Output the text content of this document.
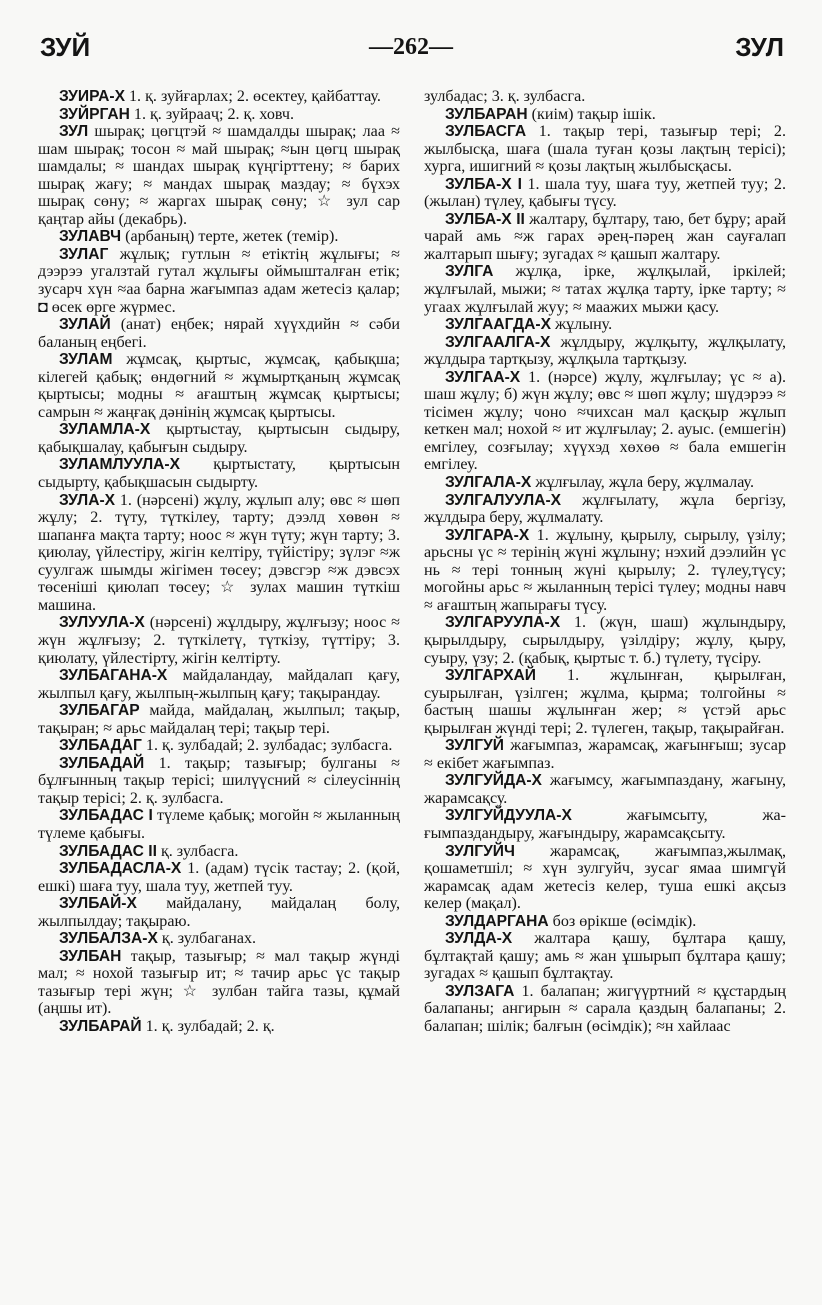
ЗУЙ	—262—	ЗУЛ

ЗУИРА-Х 1. қ. зуйғарлах; 2. өсектеу, қайбаттау.

ЗУЙРГАН 1. қ. зуйрааҷ; 2. қ. ховч.

ЗУЛ шырақ; цөгцтэй ≈ шамдалды шырақ; лаа ≈ шам шырақ; тосон ≈ май шырақ; ≈ын цөгц шырақ шамдалы; ≈ шандах шырақ күңгірттену; ≈ барих шырақ жағу; ≈ мандах шырақ маздау; ≈ бүхэх шырақ сөну; ≈ жаргах шырақ сөну; ☆ зул сар қаңтар айы (декабрь).

ЗУЛАВЧ (арбаның) терте, жетек (темір).

ЗУЛАГ жұлық; гутлын ≈ етіктің жұлығы; ≈ дээрээ угалзтай гутал жұлығы оймышталған етік; зусарч хүн ≈аа барна жағымпаз адам жетесіз қалар; ◘ өсек өрге жүрмес.

ЗУЛАЙ (анат) еңбек; нярай хүүхдийн ≈ сәби баланың еңбегі.

ЗУЛАМ жұмсақ, қыртыс, жұмсақ, қабықша; кілегей қабық; өндөгний ≈ жұмыртқаның жұмсақ қыртысы; модны ≈ ағаштың жұмсақ қыртысы; самрын ≈ жаңғақ дәнінің жұмсақ қыртысы.

ЗУЛАМЛА-Х қыртыстау, қыртысын сыдыру, қабықшалау, қабығын сыдыру.

ЗУЛАМЛУУЛА-Х қыртыстату, қыртысын сыдырту, қабықшасын сыдырту.

ЗУЛА-Х 1. (нәрсені) жұлу, жұлып алу; өвс ≈ шөп жұлу; 2. түту, түткілеу, тарту; дээлд хөвөн ≈ шапанға мақта тарту; ноос ≈ жүн түту; жүн тарту; 3. қиюлау, үйлестіру, жігін келтіру, түйістіру; зүлэг ≈ж суулгаж шымды жігімен төсеу; дэвсгэр ≈ж дэвсэх төсеніші қиюлап төсеу; ☆ зулах машин түткіш машина.

ЗУЛУУЛА-Х (нәрсені) жұлдыру, жұлғызу; ноос ≈ жүн жұлғызу; 2. түткілетү, түткізу, түттіру; 3. қиюлату, үйлестірту, жігін келтірту.

ЗУЛБАГАНА-Х майдаландау, майдалап қағу, жылпыл қағу, жылпың-жылпың қағу; тақырандау.

ЗУЛБАГАР майда, майдалаң, жылпыл; тақыр, тақыран; ≈ арьс майдалаң тері; тақыр тері.

ЗУЛБАДАГ 1. қ. зулбадай; 2. зулбадас; зулбасга.

ЗУЛБАДАЙ 1. тақыр; тазығыр; булганы ≈ бұлғынның тақыр терісі; шилүүсний ≈ сілеусіннің тақыр терісі; 2. қ. зулбасга.

ЗУЛБАДАС I түлеме қабық; могойн ≈ жыланның түлеме қабығы.

ЗУЛБАДАС II қ. зулбасга.

ЗУЛБАДАСЛА-Х 1. (адам) түсік тастау; 2. (қой, ешкі) шаға туу, шала туу, жетпей туу.

ЗУЛБАЙ-Х майдалану, майдалаң болу, жылпылдау; тақыраю.

ЗУЛБАЛЗА-Х қ. зулбаганах.

ЗУЛБАН тақыр, тазығыр; ≈ мал тақыр жүнді мал; ≈ нохой тазығыр ит; ≈ тачир арьс үс тақыр тазығыр тері жүн; ☆ зулбан тайга тазы, құмай (аңшы ит).

ЗУЛБАРАЙ 1. қ. зулбадай; 2. қ.

зулбадас; 3. қ. зулбасга.

ЗУЛБАРАН (киім) тақыр ішік.

ЗУЛБАСГА 1. тақыр тері, тазығыр тері; 2. жылбысқа, шаға (шала туған қозы лақтың терісі); хурга, ишигний ≈ қозы лақтың жылбысқасы.

ЗУЛБА-Х I 1. шала туу, шаға туу, жетпей туу; 2. (жылан) түлеу, қабығы түсу.

ЗУЛБА-Х II жалтару, бұлтару, таю, бет бұру; арай чарай амь ≈ж гарах әрең-пәрең жан сауғалап жалтарып шығу; зугадах ≈ қашып жалтару.

ЗУЛГА жұлқа, ірке, жұлқылай, іркілей; жұлғылай, мыжи; ≈ татах жұлқа тарту, ірке тарту; ≈ угаах жұлғылай жуу; ≈ маажих мыжи қасу.

ЗУЛГААГДА-Х жұлыну.

ЗУЛГААЛГА-Х жұлдыру, жұлқыту, жұлқылату, жұлдыра тартқызу, жұлқыла тартқызу.

ЗУЛГАА-Х 1. (нәрсе) жұлу, жұлғылау; үс ≈ а). шаш жұлу; б) жүн жұлу; өвс ≈ шөп жұлу; шүдэрээ ≈ тісімен жұлу; чоно ≈чихсан мал қасқыр жұлып кеткен мал; нохой ≈ ит жұлғылау; 2. ауыс. (емшегін) емгілеу, созғылау; хүүхэд хөхөө ≈ бала емшегін емгілеу.

ЗУЛГАЛА-Х жұлғылау, жұла беру, жұлмалау.

ЗУЛГАЛУУЛА-Х жұлғылату, жұла бергізу, жұлдыра беру, жұлмалату.

ЗУЛГАРА-Х 1. жұлыну, қырылу, сырылу, үзілу; арьсны үс ≈ терінің жүні жұлыну; нэхий дээлийн үс нь ≈ тері тонның жүні қырылу; 2. түлеу,түсу; могойны арьс ≈ жыланның терісі түлеу; модны навч ≈ ағаштың жапырағы түсу.

ЗУЛГАРУУЛА-Х 1. (жүн, шаш) жұлындыру, қырылдыру, сырылдыру, үзілдіру; жұлу, қыру, суыру, үзу; 2. (қабық, қыртыс т. б.) түлету, түсіру.

ЗУЛГАРХАЙ 1. жұлынған, қырылған, суырылған, үзілген; жұлма, қырма; толгойны ≈ бастың шашы жұлынған жер; ≈ үстэй арьс қырылған жүнді тері; 2. түлеген, тақыр, тақырайған.

ЗУЛГУЙ жағымпаз, жарамсақ, жағынғыш; зусар ≈ екібет жағымпаз.

ЗУЛГУЙДА-Х жағымсу, жағымпаздану, жағыну, жарамсақсу.

ЗУЛГУЙДУУЛА-Х жағымсыту, жағымпаздандыру, жағындыру, жарамсақсыту.

ЗУЛГУЙЧ жарамсақ, жағымпаз,жылмақ, қошаметшіл; ≈ хүн зулгуйч, зусаг ямаа шимгүй жарамсақ адам жетесіз келер, туша ешкі ақсыз келер (мақал).

ЗУЛДАРГАНА боз өрікше (өсімдік).

ЗУЛДА-Х жалтара қашу, бұлтара қашу, бұлтақтай қашу; амь ≈ жан ұшырып бұлтара қашу; зугадах ≈ қашып бұлтақтау.

ЗУЛЗАГА 1. балапан; жигүүртний ≈ құстардың балапаны; ангирын ≈ сарала қаздың балапаны; 2. балапан; шілік; балғын (өсімдік); ≈н хайлаас
